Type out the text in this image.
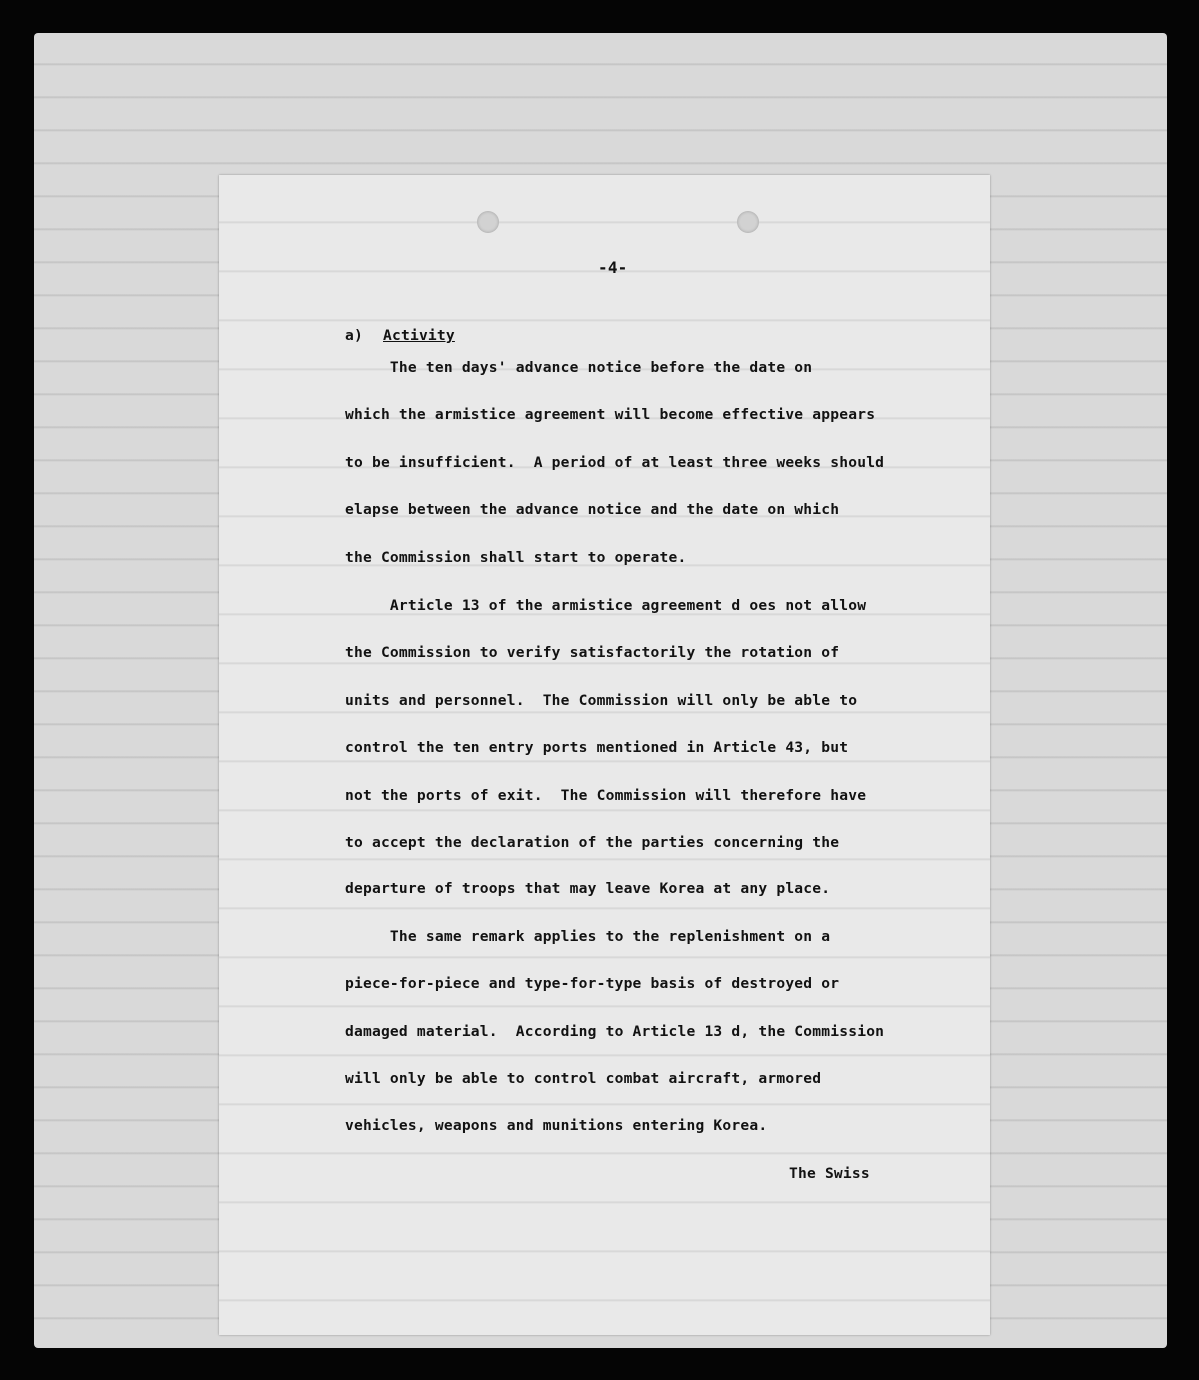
-4-
a) Activity
The ten days' advance notice before the date on
which the armistice agreement will become effective appears
to be insufficient.  A period of at least three weeks should
elapse between the advance notice and the date on which
the Commission shall start to operate.
Article 13 of the armistice agreement d oes not allow
the Commission to verify satisfactorily the rotation of
units and personnel.  The Commission will only be able to
control the ten entry ports mentioned in Article 43, but
not the ports of exit.  The Commission will therefore have
to accept the declaration of the parties concerning the
departure of troops that may leave Korea at any place.
The same remark applies to the replenishment on a
piece-for-piece and type-for-type basis of destroyed or
damaged material.  According to Article 13 d, the Commission
will only be able to control combat aircraft, armored
vehicles, weapons and munitions entering Korea.
The Swiss
